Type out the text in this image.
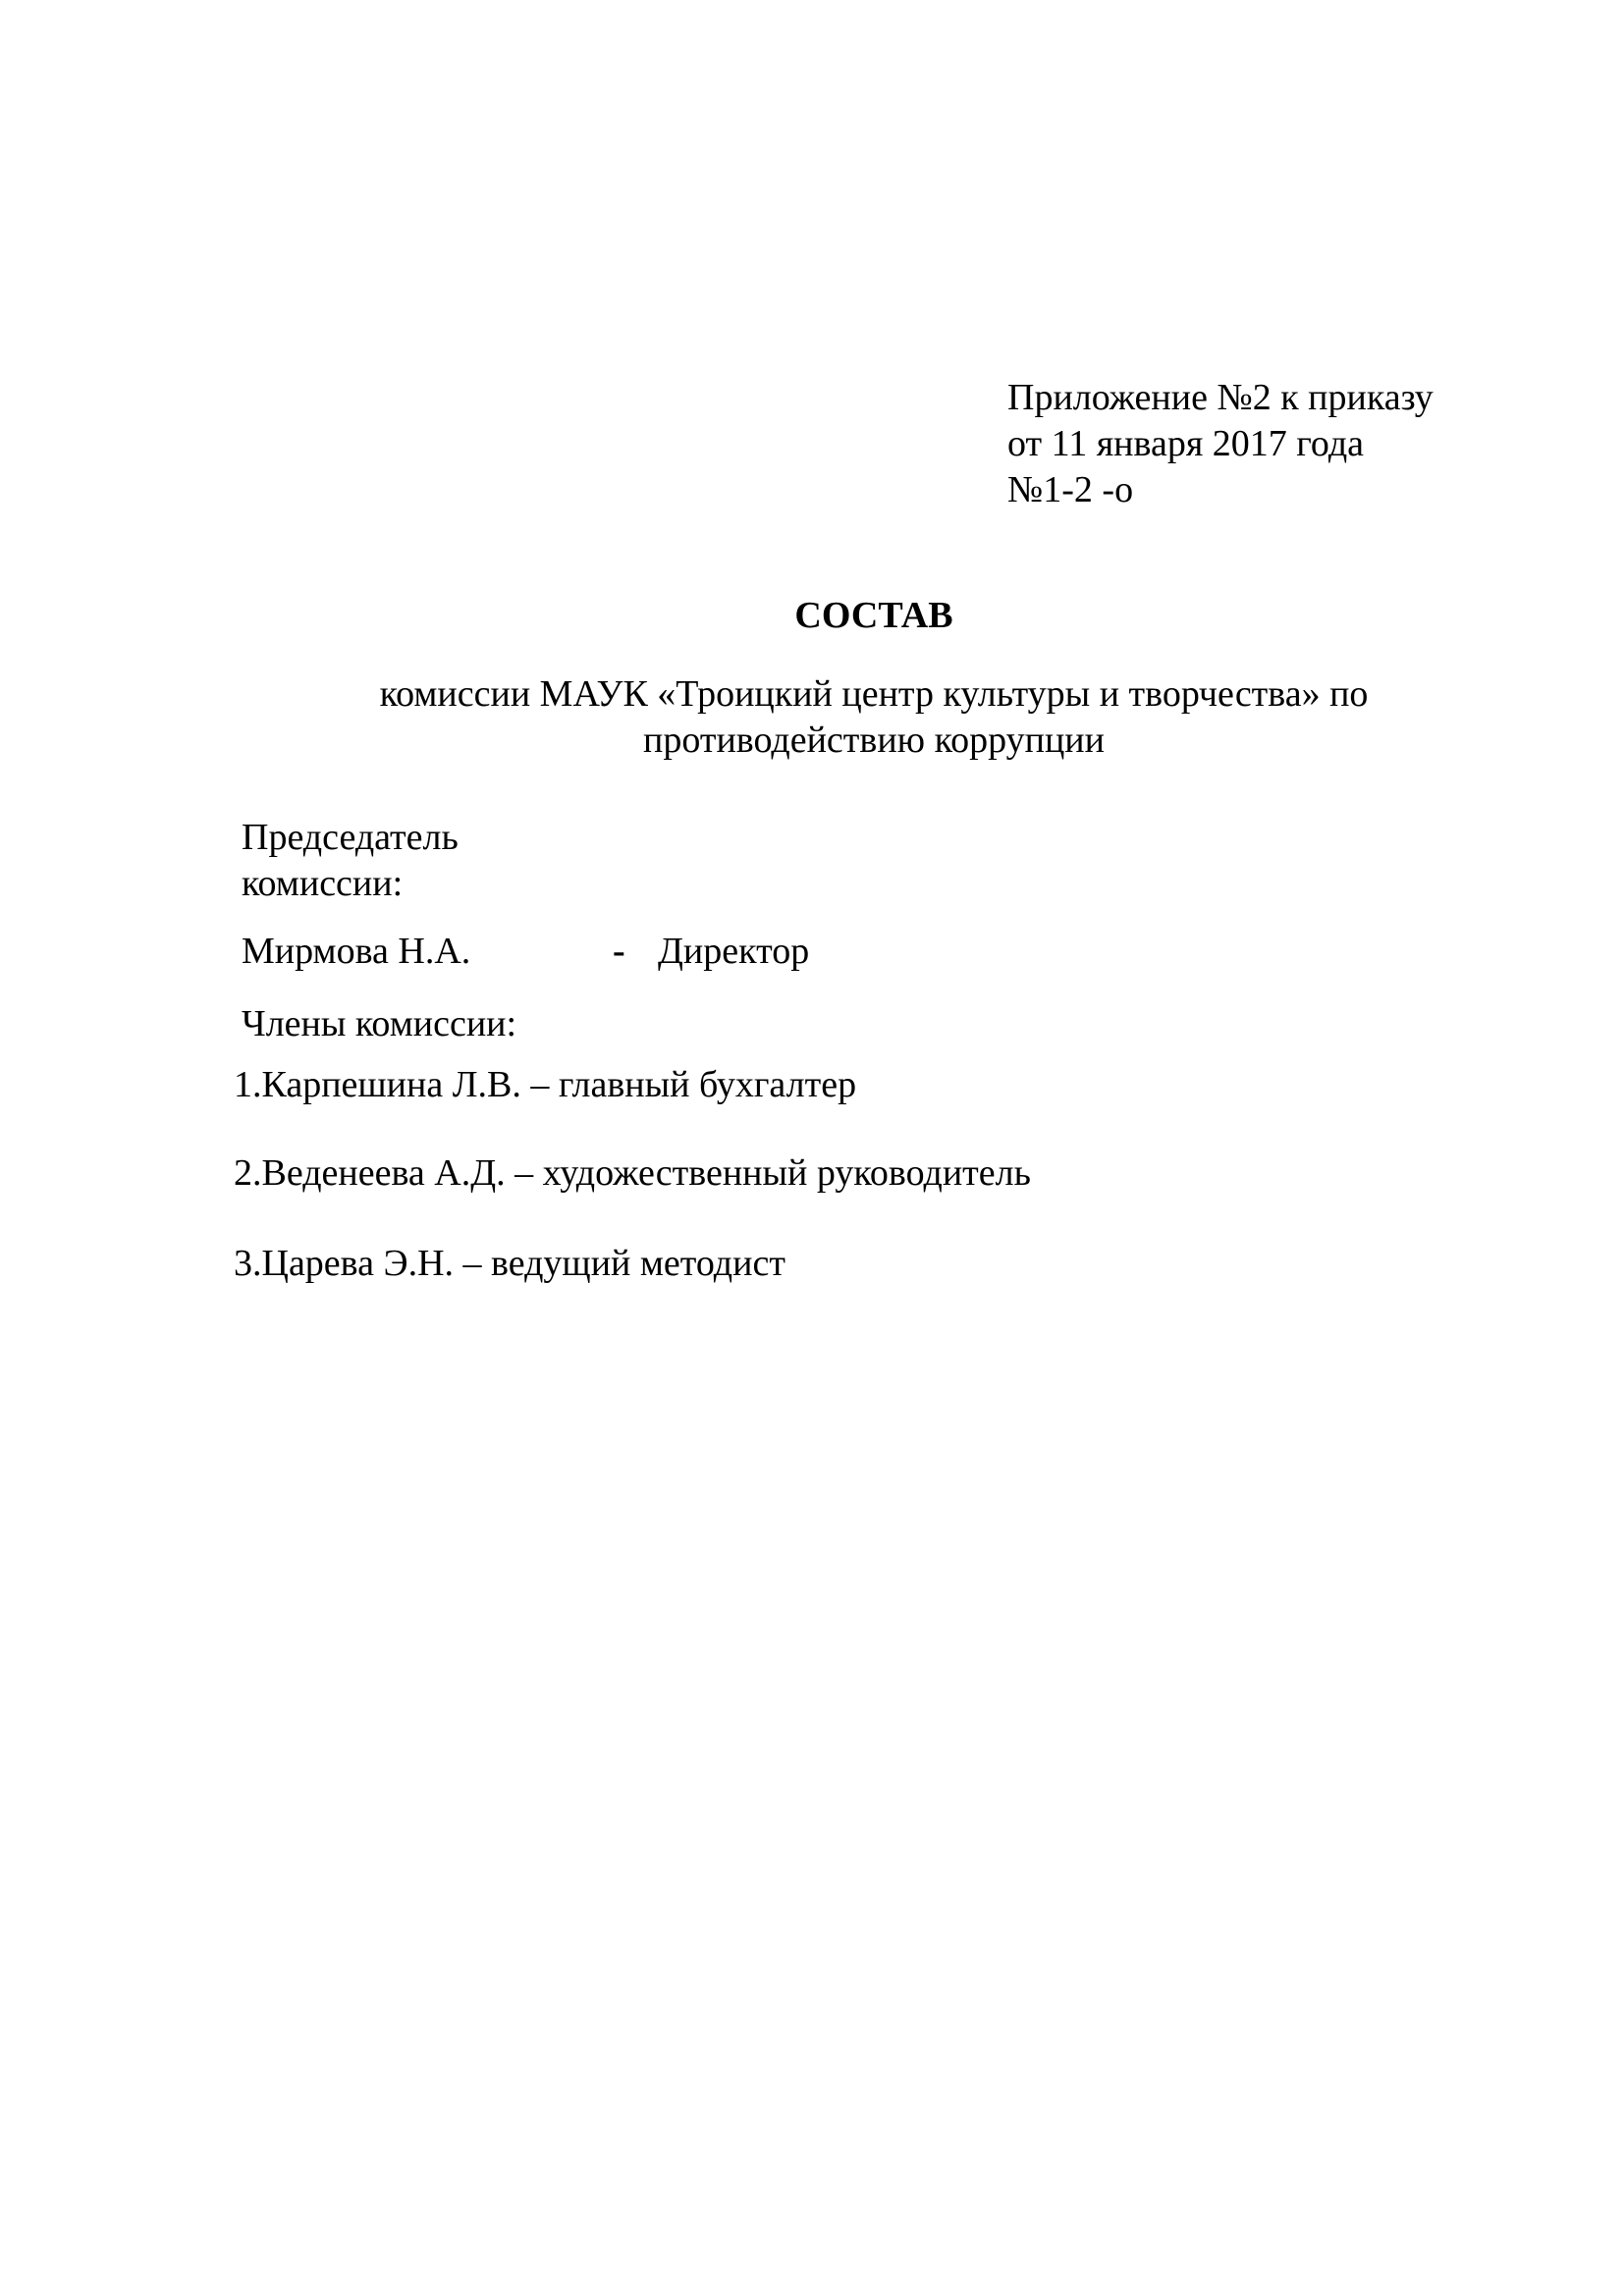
Приложение №2 к приказу
от 11 января 2017 года
№1-2 -о
СОСТАВ
комиссии МАУК «Троицкий центр культуры и творчества» по
противодействию коррупции
Председатель
комиссии:
Мирмова Н.А.	- Директор
Члены комиссии:
1.Карпешина Л.В. – главный бухгалтер
2.Веденеева А.Д. – художественный руководитель
3.Царева Э.Н. – ведущий методист
